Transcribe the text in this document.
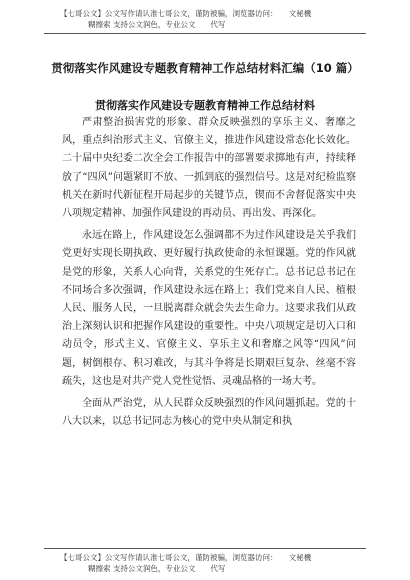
【七哥公文】公文写作请认准七哥公文，谨防被骗，浏览器访问：　　文秘機
糊擦索 支持公文润色，专业公文　　代写
贯彻落实作风建设专题教育精神工作总结材料汇编（10 篇）
贯彻落实作风建设专题教育精神工作总结材料

严肃整治损害党的形象、群众反映强烈的享乐主义、奢靡之风，重点纠治形式主义、官僚主义，推进作风建设常态化长效化。二十届中央纪委二次全会工作报告中的部署要求掷地有声，持续释放了“四风”问题紧盯不放、一抓到底的强烈信号。这是对纪检监察机关在新时代新征程开局起步的关键节点，锲而不舍督促落实中央八项规定精神、加强作风建设的再动员、再出发、再深化。

永远在路上，作风建设怎么强调都不为过作风建设是关乎我们党更好实现长期执政、更好履行执政使命的永恒课题。党的作风就是党的形象，关系人心向背，关系党的生死存亡。总书记总书记在不同场合多次强调，作风建设永远在路上；我们党来自人民、植根人民、服务人民，一旦脱离群众就会失去生命力。这要求我们从政治上深刻认识和把握作风建设的重要性。中央八项规定是切入口和动员令，形式主义、官僚主义、享乐主义和奢靡之风等“四风”问题，树倒根存、积习难改，与其斗争将是长期艰巨复杂、丝毫不容疏失，这也是对共产党人党性觉悟、灵魂品格的一场大考。

全面从严治党，从人民群众反映强烈的作风问题抓起。党的十八大以来，以总书记同志为核心的党中央从制定和执

【七哥公文】公文写作请认准七哥公文，谨防被骗，浏览器访问：　　文秘機
糊擦索 支持公文润色，专业公文　　代写
